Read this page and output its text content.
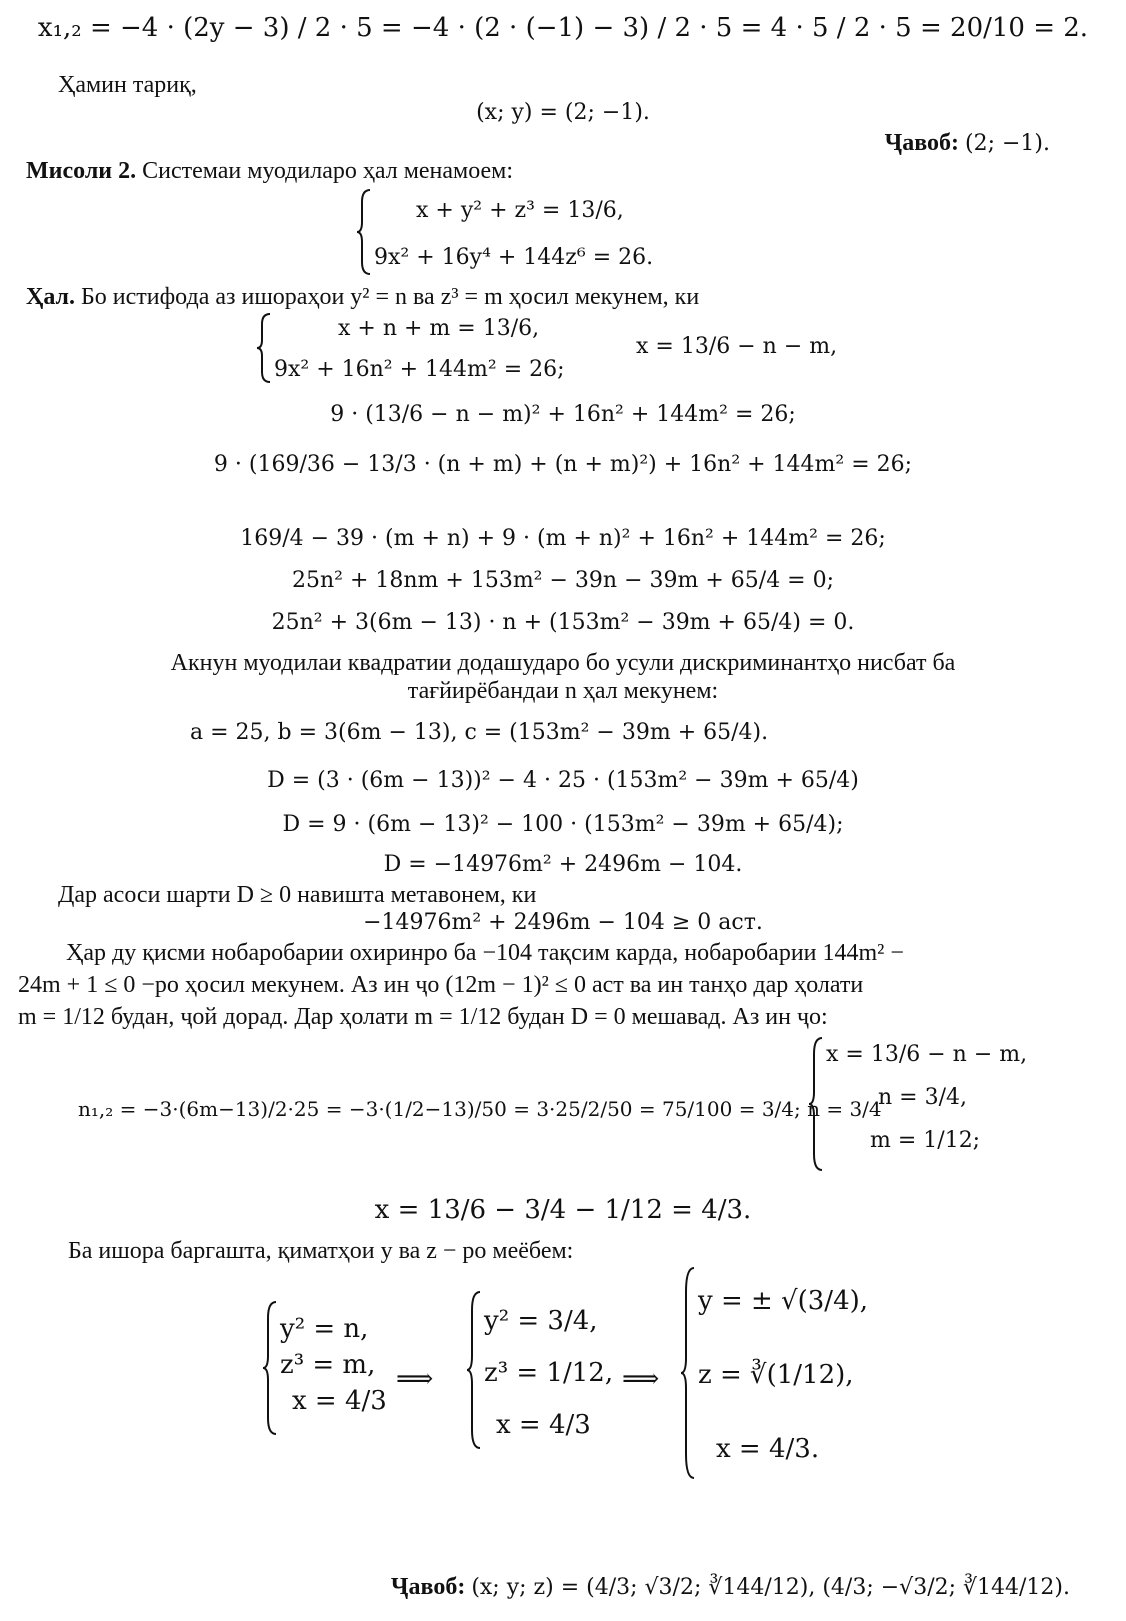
x₁,₂ = −4 · (2y − 3) / 2 · 5 = −4 · (2 · (−1) − 3) / 2 · 5 = 4 · 5 / 2 · 5 = 20/10 = 2.
Ҳамин тариқ,
(x; y) = (2; −1).
Ҷавоб: (2; −1).
Мисоли 2. Системаи муодиларо ҳал менамоем:
x + y² + z³ = 13/6,
9x² + 16y⁴ + 144z⁶ = 26.
Ҳал. Бо истифода аз ишораҳои y² = n ва z³ = m ҳосил мекунем, ки
x + n + m = 13/6,
9x² + 16n² + 144m² = 26;
x = 13/6 − n − m,
9 · (13/6 − n − m)² + 16n² + 144m² = 26;
9 · (169/36 − 13/3 · (n + m) + (n + m)²) + 16n² + 144m² = 26;
169/4 − 39 · (m + n) + 9 · (m + n)² + 16n² + 144m² = 26;
25n² + 18nm + 153m² − 39n − 39m + 65/4 = 0;
25n² + 3(6m − 13) · n + (153m² − 39m + 65/4) = 0.
Акнун муодилаи квадратии додашударо бо усули дискриминантҳо нисбат ба
тағйирёбандаи n ҳал мекунем:
a = 25, b = 3(6m − 13), c = (153m² − 39m + 65/4).
D = (3 · (6m − 13))² − 4 · 25 · (153m² − 39m + 65/4)
D = 9 · (6m − 13)² − 100 · (153m² − 39m + 65/4);
D = −14976m² + 2496m − 104.
Дар асоси шарти D ≥ 0 навишта метавонем, ки
−14976m² + 2496m − 104 ≥ 0 аст.
Ҳар ду қисми нобаробарии охиринро ба −104 тақсим карда, нобаробарии 144m² −
24m + 1 ≤ 0 −ро ҳосил мекунем. Аз ин ҷо (12m − 1)² ≤ 0 аст ва ин танҳо дар ҳолати
m = 1/12 будан, ҷой дорад. Дар ҳолати m = 1/12 будан D = 0 мешавад. Аз ин ҷо:
n₁,₂ = −3·(6m−13)/2·25 = −3·(1/2−13)/50 = 3·25/2/50 = 75/100 = 3/4; n = 3/4
x = 13/6 − n − m,
n = 3/4,
m = 1/12;
x = 13/6 − 3/4 − 1/12 = 4/3.
Ба ишора баргашта, қиматҳои y ва z − ро меёбем:
y² = n,
z³ = m,
x = 4/3
⟹
y² = 3/4,
z³ = 1/12,
x = 4/3
⟹
y = ± √(3/4),
z = ∛(1/12),
x = 4/3.
Ҷавоб: (x; y; z) = (4/3; √3/2; ∛144/12), (4/3; −√3/2; ∛144/12).
